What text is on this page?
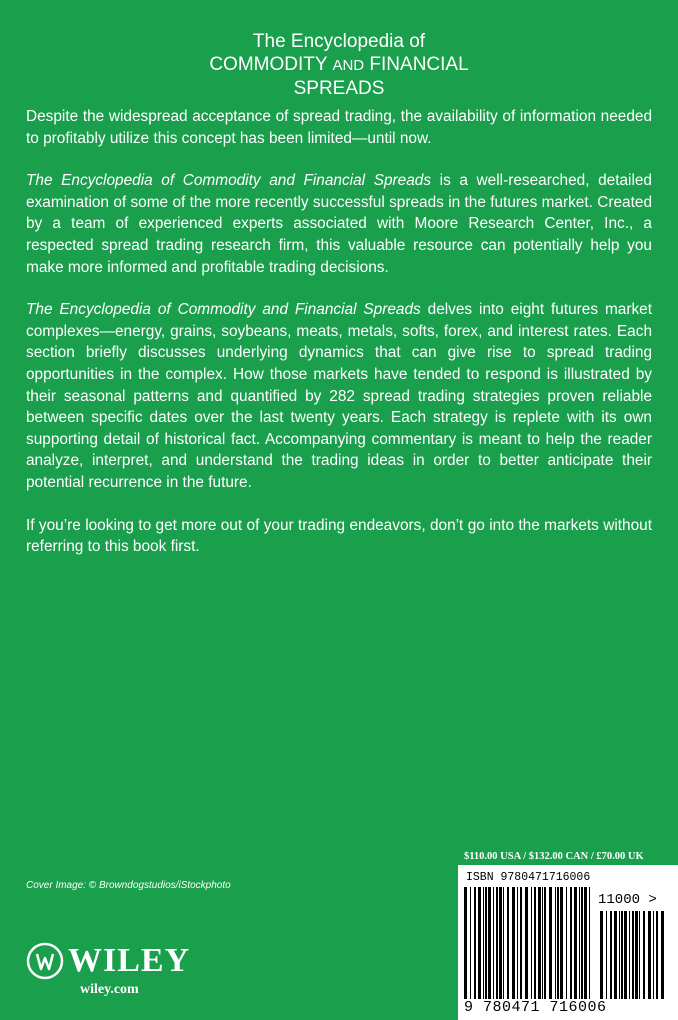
The Encyclopedia of
COMMODITY AND FINANCIAL
SPREADS

Despite the widespread acceptance of spread trading, the availability of information needed to profitably utilize this concept has been limited—until now.

The Encyclopedia of Commodity and Financial Spreads is a well-researched, detailed examination of some of the more recently successful spreads in the futures market. Created by a team of experienced experts associated with Moore Research Center, Inc., a respected spread trading research firm, this valuable resource can potentially help you make more informed and profitable trading decisions.

The Encyclopedia of Commodity and Financial Spreads delves into eight futures market complexes—energy, grains, soybeans, meats, metals, softs, forex, and interest rates. Each section briefly discusses underlying dynamics that can give rise to spread trading opportunities in the complex. How those markets have tended to respond is illustrated by their seasonal patterns and quantified by 282 spread trading strategies proven reliable between specific dates over the last twenty years. Each strategy is replete with its own supporting detail of historical fact. Accompanying commentary is meant to help the reader analyze, interpret, and understand the trading ideas in order to better anticipate their potential recurrence in the future.

If you’re looking to get more out of your trading endeavors, don’t go into the markets without referring to this book first.

Cover Image: © Browndogstudios/iStockphoto
WILEY
wiley.com
$110.00 USA / $132.00 CAN / £70.00 UK
ISBN 9780471716006
11000 >
9 780471 716006
